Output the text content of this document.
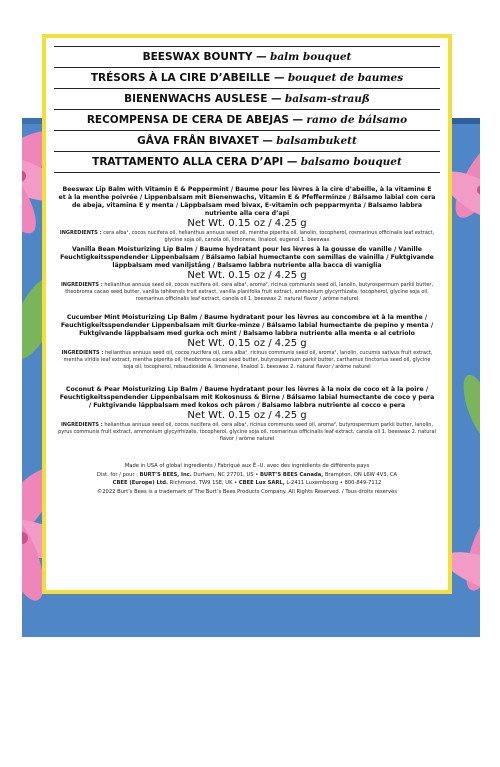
BEESWAX BOUNTY — balm bouquet
TRÉSORS À LA CIRE D’ABEILLE — bouquet de baumes
BIENENWACHS AUSLESE — balsam-strauß
RECOMPENSA DE CERA DE ABEJAS — ramo de bálsamo
GÅVA FRÅN BIVAXET — balsambukett
TRATTAMENTO ALLA CERA D’API — balsamo bouquet
Beeswax Lip Balm with Vitamin E & Peppermint / Baume pour les lèvres à la cire d’abeille, à la vitamine E et à la menthe poivrée / Lippenbalsam mit Bienenwachs, Vitamin E & Pfefferminze / Bálsamo labial con cera de abeja, vitamina E y menta / Läppbalsam med bivax, E-vitamin och pepparmynta / Balsamo labbra nutriente alla cera d’api
Net Wt. 0.15 oz / 4.25 g
INGREDIENTS : cera alba¹, cocos nucifera oil, helianthus annuus seed oil, mentha piperita oil, lanolin, tocopherol, rosmarinus officinalis leaf extract, glycine soja oil, canola oil, limonene, linalool, eugenol 1. beeswax
Vanilla Bean Moisturizing Lip Balm / Baume hydratant pour les lèvres à la gousse de vanille / Vanille Feuchtigkeitsspendender Lippenbalsam / Bálsamo labial humectante con semillas de vainilla / Fuktgivande läppbalsam med vaniljstång / Balsamo labbra nutriente alla bacca di vaniglia
Net Wt. 0.15 oz / 4.25 g
INGREDIENTS : helianthus annuus seed oil, cocos nucifera oil, cera alba¹, aroma², ricinus communis seed oil, lanolin, butyrospermum parkii butter, theobroma cacao seed butter, vanilla tahitensis fruit extract, vanilla planifolia fruit extract, ammonium glycyrrhizate, tocopherol, glycine soja oil, rosmarinus officinalis leaf extract, canola oil 1. beeswax 2. natural flavor / arôme naturel
Cucumber Mint Moisturizing Lip Balm / Baume hydratant pour les lèvres au concombre et à la menthe / Feuchtigkeitsspendender Lippenbalsam mit Gurke-minze / Bálsamo labial humectante de pepino y menta / Fuktgivande läppbalsam med gurka och mint / Balsamo labbra nutriente alla menta e al cetriolo
Net Wt. 0.15 oz / 4.25 g
INGREDIENTS : helianthus annuus seed oil, cocos nucifera oil, cera alba¹, ricinus communis seed oil, aroma², lanolin, cucumis sativus fruit extract, mentha viridis leaf extract, mentha piperita oil, theobroma cacao seed butter, butyrospermum parkii butter, carthamus tinctorius seed oil, glycine soja oil, tocopherol, rebaudioside A, limonene, linalool 1. beeswax 2. natural flavor / arôme naturel
Coconut & Pear Moisturizing Lip Balm / Baume hydratant pour les lèvres à la noix de coco et à la poire / Feuchtigkeitsspendender Lippenbalsam mit Kokosnuss & Birne / Bálsamo labial humectante de coco y pera / Fuktgivande läppbalsam med kokos och päron / Balsamo labbra nutriente al cocco e pera
Net Wt. 0.15 oz / 4.25 g
INGREDIENTS : helianthus annuus seed oil, cocos nucifera oil, cera alba¹, ricinus communis seed oil, aroma², butyrospermum parkii butter, lanolin, pyrus communis fruit extract, ammonium glycyrrhizate, tocopherol, glycine soja oil, rosmarinus officinalis leaf extract, canola oil 1. beeswax 2. natural flavor / arôme naturel
Made in USA of global ingredients / Fabriqué aux É.-U. avec des ingrédients de différents pays
Dist. for / pour : BURT’S BEES, Inc. Durham, NC 27701, US • BURT’S BEES Canada, Brampton, ON L6W 4V3, CA
CBEE (Europe) Ltd. Richmond, TW9 1SE, UK • CBEE Lux SARL, L-2411 Luxembourg • 800-849-7112
©2022 Burt’s Bees is a trademark of The Burt’s Bees Products Company. All Rights Reserved. / Tous droits réservés
